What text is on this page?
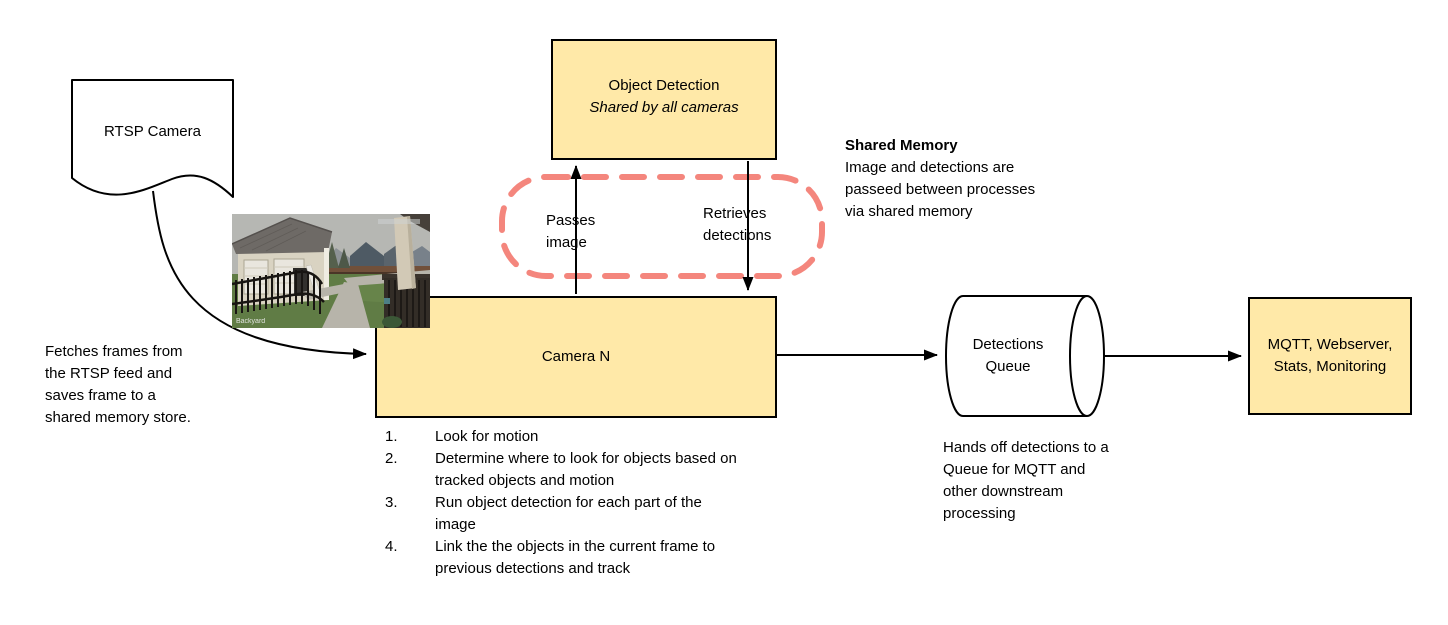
Object Detection
Shared by all cameras
Camera N
MQTT, Webserver, Stats, Monitoring
RTSP Camera
Passes image
Retrieves detections
Shared Memory
Image and detections are passeed between processes via shared memory
Fetches frames from the RTSP feed and saves frame to a shared memory store.
Hands off detections to a Queue for MQTT and other downstream processing
Detections Queue
1.	Look for motion
2.	Determine where to look for objects based on tracked objects and motion
3.	Run object detection for each part of the image
4.	Link the the objects in the current frame to previous detections and track
Backyard
